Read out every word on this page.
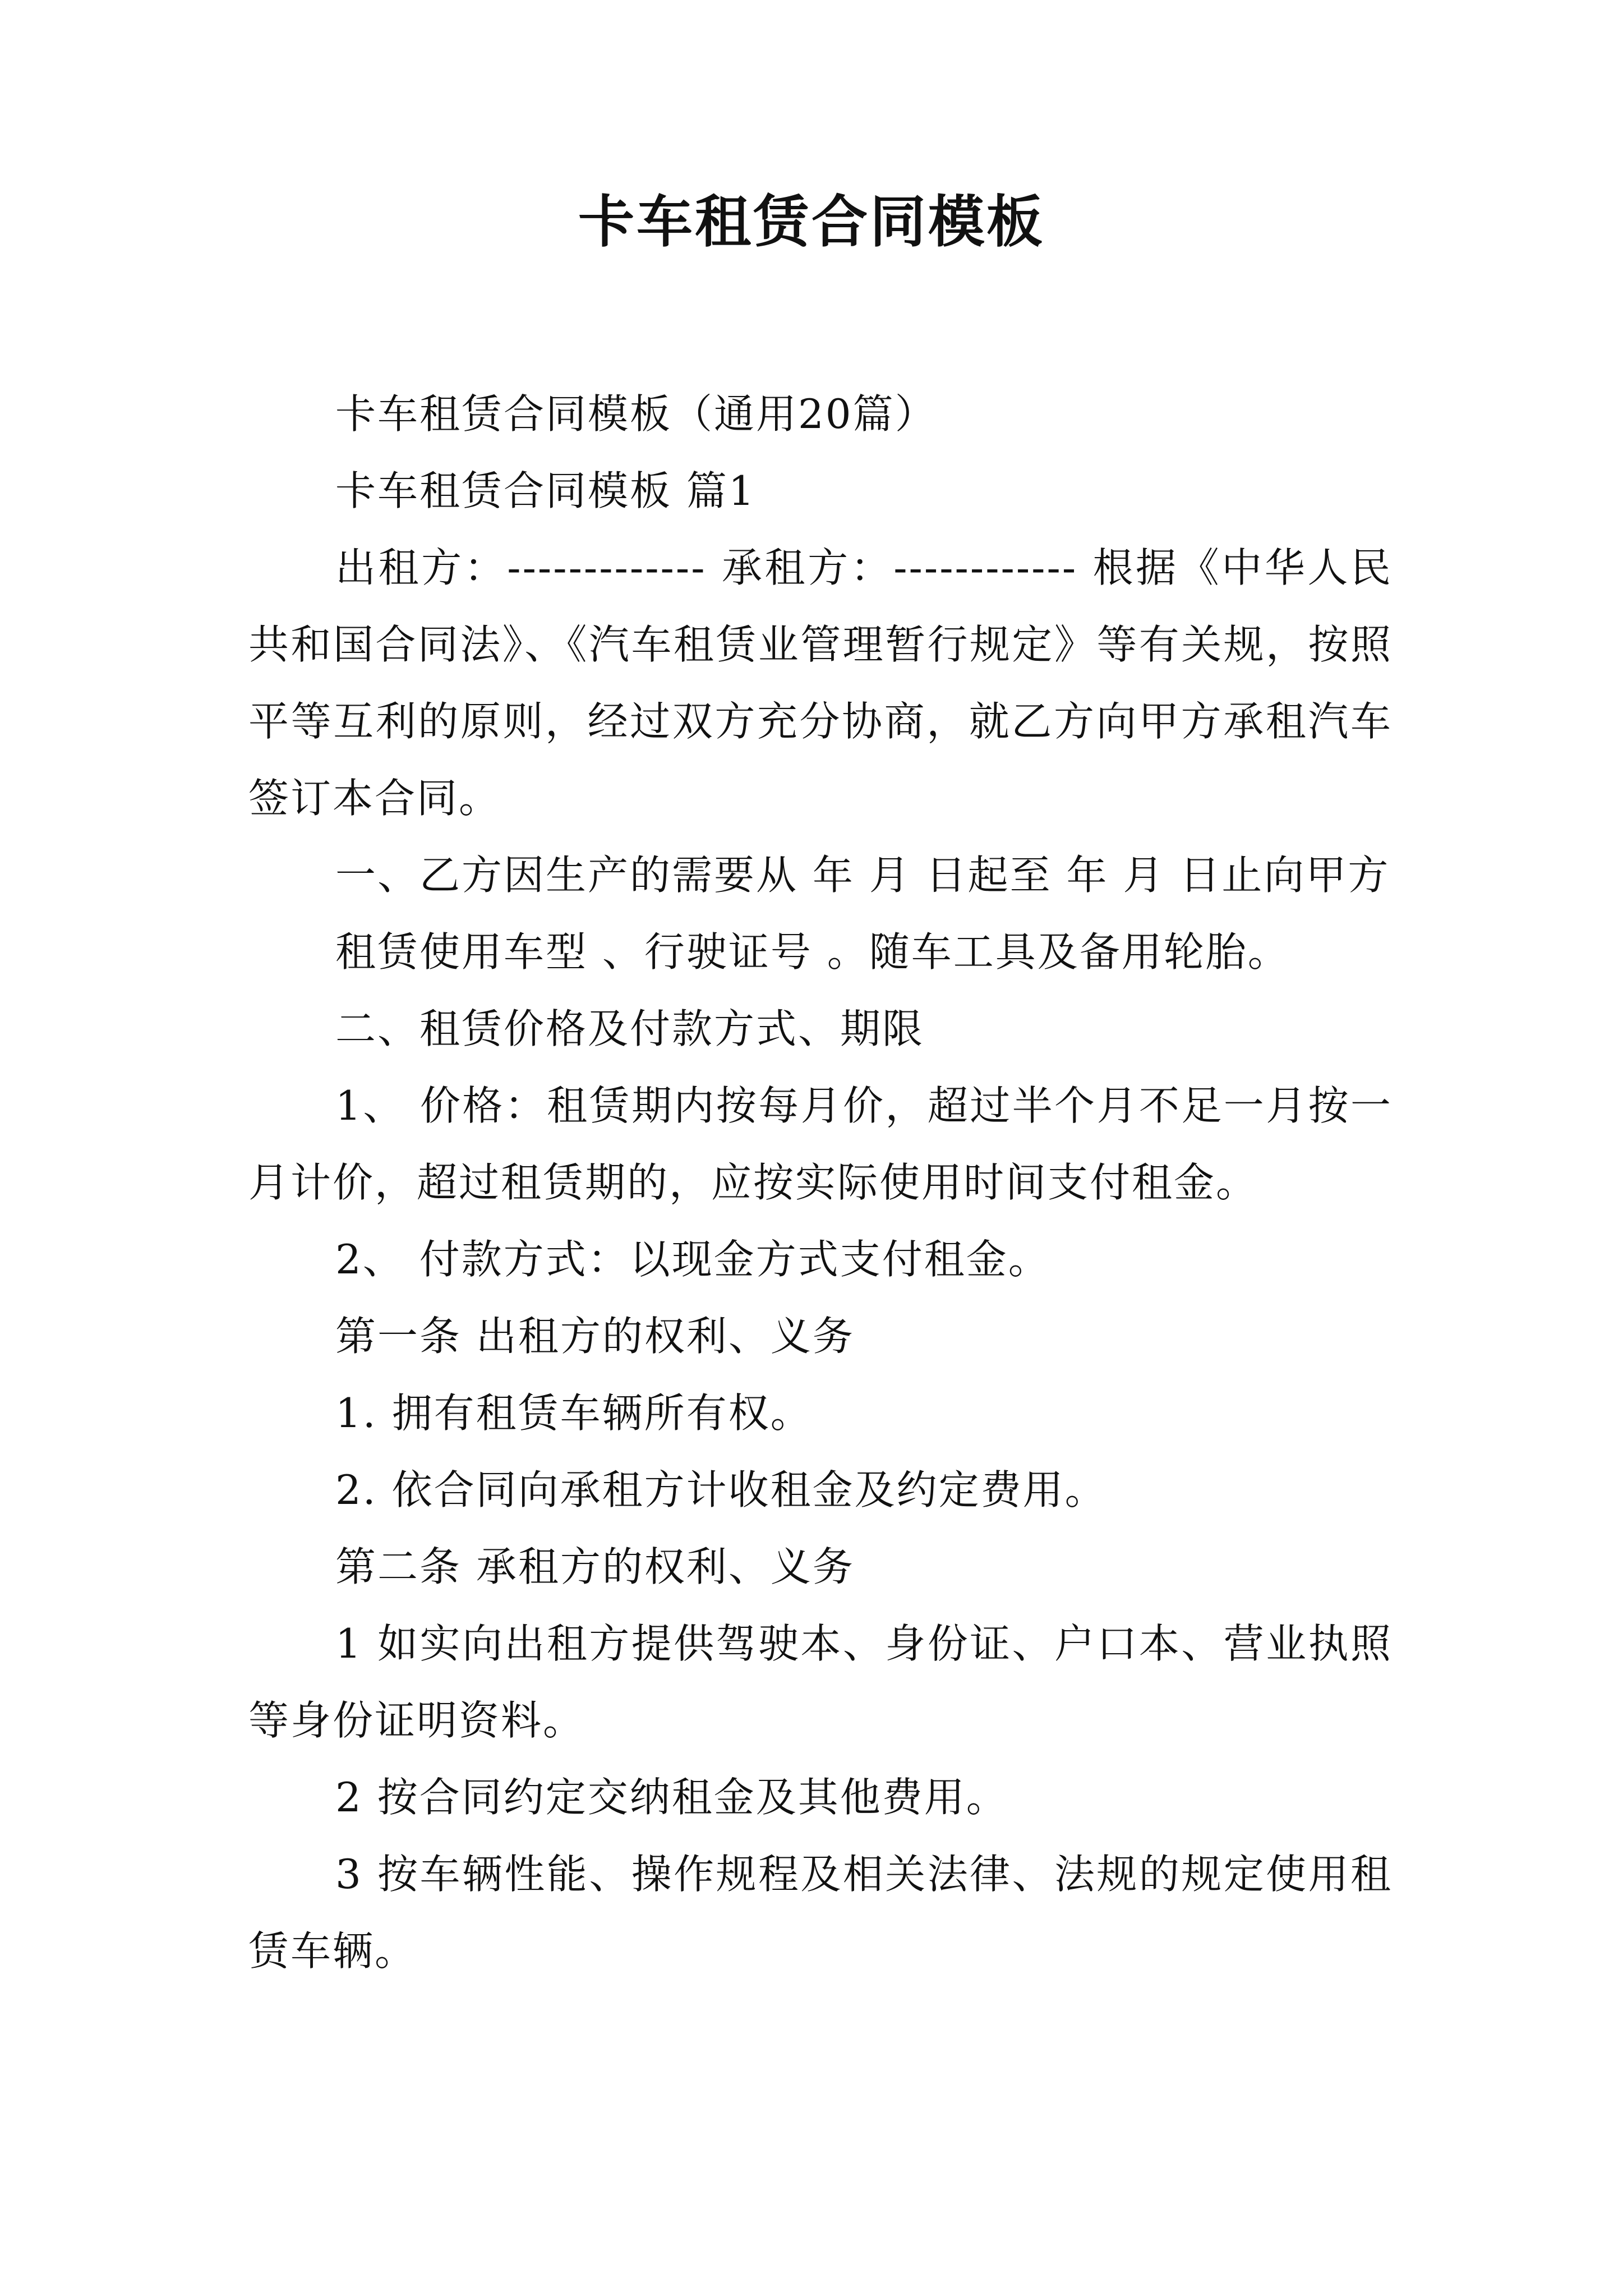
卡车租赁合同模板

卡车租赁合同模板（通用20篇）

卡车租赁合同模板 篇1

出租方：------------- 承租方：------------ 根据《中华人民共和国合同法》、《汽车租赁业管理暂行规定》等有关规，按照平等互利的原则，经过双方充分协商，就乙方向甲方承租汽车签订本合同。

一、乙方因生产的需要从 年 月 日起至 年 月 日止向甲方

租赁使用车型 、行驶证号 。随车工具及备用轮胎。

二、租赁价格及付款方式、期限

1、 价格：租赁期内按每月价，超过半个月不足一月按一月计价，超过租赁期的，应按实际使用时间支付租金。

2、 付款方式：以现金方式支付租金。

第一条 出租方的权利、义务

1. 拥有租赁车辆所有权。

2. 依合同向承租方计收租金及约定费用。

第二条 承租方的权利、义务

1 如实向出租方提供驾驶本、身份证、户口本、营业执照等身份证明资料。

2 按合同约定交纳租金及其他费用。

3 按车辆性能、操作规程及相关法律、法规的规定使用租赁车辆。
